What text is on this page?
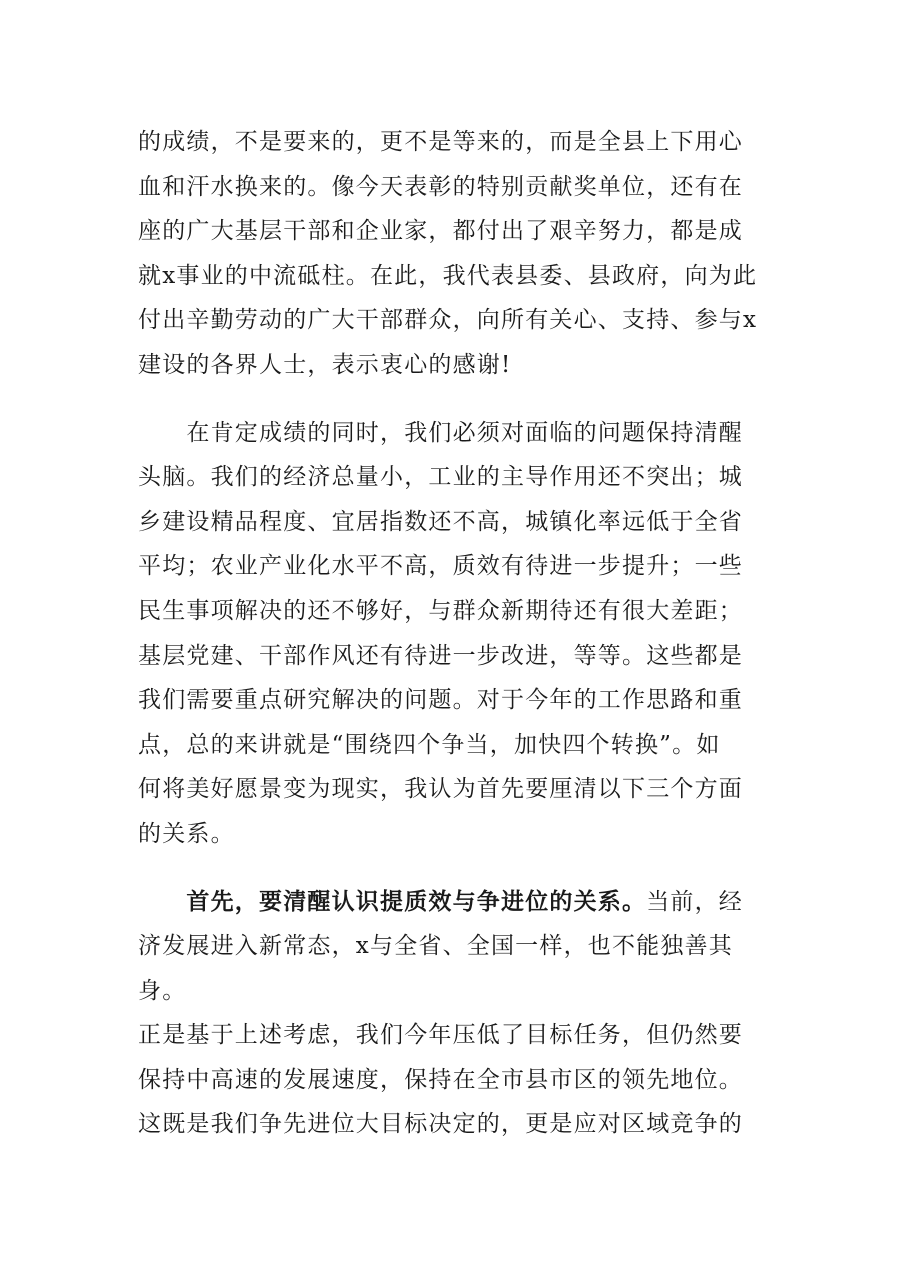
的成绩，不是要来的，更不是等来的，而是全县上下用心
血和汗水换来的。像今天表彰的特别贡献奖单位，还有在
座的广大基层干部和企业家，都付出了艰辛努力，都是成
就x事业的中流砥柱。在此，我代表县委、县政府，向为此
付出辛勤劳动的广大干部群众，向所有关心、支持、参与x
建设的各界人士，表示衷心的感谢!

　　在肯定成绩的同时，我们必须对面临的问题保持清醒
头脑。我们的经济总量小，工业的主导作用还不突出；城
乡建设精品程度、宜居指数还不高，城镇化率远低于全省
平均；农业产业化水平不高，质效有待进一步提升；一些
民生事项解决的还不够好，与群众新期待还有很大差距；
基层党建、干部作风还有待进一步改进，等等。这些都是
我们需要重点研究解决的问题。对于今年的工作思路和重
点，总的来讲就是“围绕四个争当，加快四个转换”。如
何将美好愿景变为现实，我认为首先要厘清以下三个方面
的关系。

　　首先，要清醒认识提质效与争进位的关系。当前，经
济发展进入新常态，x与全省、全国一样，也不能独善其身。
正是基于上述考虑，我们今年压低了目标任务，但仍然要
保持中高速的发展速度，保持在全市县市区的领先地位。
这既是我们争先进位大目标决定的，更是应对区域竞争的
